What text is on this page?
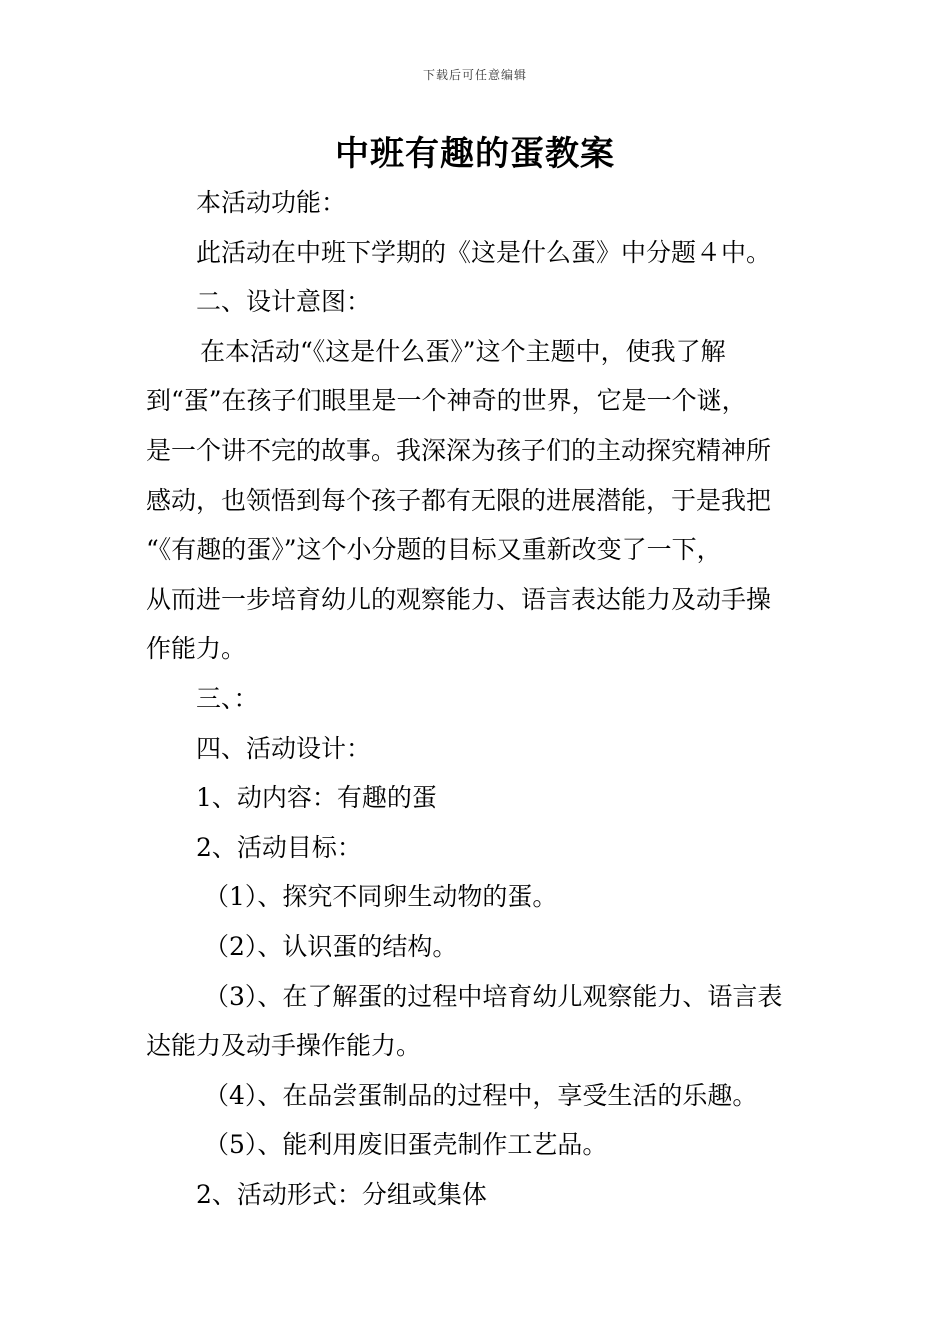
下载后可任意编辑
中班有趣的蛋教案

本活动功能：

此活动在中班下学期的《这是什么蛋》中分题４中。

二、设计意图：

在本活动“《这是什么蛋》”这个主题中，使我了解

到“蛋”在孩子们眼里是一个神奇的世界，它是一个谜，

是一个讲不完的故事。我深深为孩子们的主动探究精神所

感动，也领悟到每个孩子都有无限的进展潜能，于是我把

“《有趣的蛋》”这个小分题的目标又重新改变了一下，

从而进一步培育幼儿的观察能力、语言表达能力及动手操

作能力。

三、：

四、活动设计：

1、动内容：有趣的蛋

2、活动目标：

（1）、探究不同卵生动物的蛋。

（2）、认识蛋的结构。

（3）、在了解蛋的过程中培育幼儿观察能力、语言表

达能力及动手操作能力。

（4）、在品尝蛋制品的过程中，享受生活的乐趣。

（5）、能利用废旧蛋壳制作工艺品。

2、活动形式：分组或集体
